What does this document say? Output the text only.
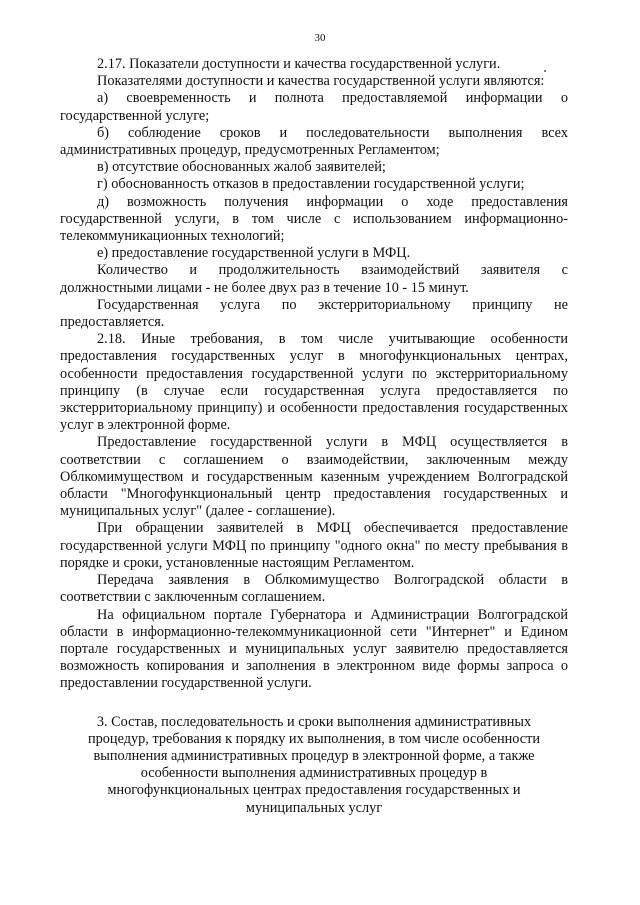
30

2.17. Показатели доступности и качества государственной услуги.

Показателями доступности и качества государственной услуги являются:

а) своевременность и полнота предоставляемой информации о государственной услуге;

б) соблюдение сроков и последовательности выполнения всех административных процедур, предусмотренных Регламентом;

в) отсутствие обоснованных жалоб заявителей;

г) обоснованность отказов в предоставлении государственной услуги;

д) возможность получения информации о ходе предоставления государственной услуги, в том числе с использованием информационно-телекоммуникационных технологий;

е) предоставление государственной услуги в МФЦ.

Количество и продолжительность взаимодействий заявителя с должностными лицами - не более двух раз в течение 10 - 15 минут.

Государственная услуга по экстерриториальному принципу не предоставляется.

2.18. Иные требования, в том числе учитывающие особенности предоставления государственных услуг в многофункциональных центрах, особенности предоставления государственной услуги по экстерриториальному принципу (в случае если государственная услуга предоставляется по экстерриториальному принципу) и особенности предоставления государственных услуг в электронной форме.

Предоставление государственной услуги в МФЦ осуществляется в соответствии с соглашением о взаимодействии, заключенным между Облкомимуществом и государственным казенным учреждением Волгоградской области "Многофункциональный центр предоставления государственных и муниципальных услуг" (далее - соглашение).

При обращении заявителей в МФЦ обеспечивается предоставление государственной услуги МФЦ по принципу "одного окна" по месту пребывания в порядке и сроки, установленные настоящим Регламентом.

Передача заявления в Облкомимущество Волгоградской области в соответствии с заключенным соглашением.

На официальном портале Губернатора и Администрации Волгоградской области в информационно-телекоммуникационной сети "Интернет" и Едином портале государственных и муниципальных услуг заявителю предоставляется возможность копирования и заполнения в электронном виде формы запроса о предоставлении государственной услуги.

3. Состав, последовательность и сроки выполнения административных
процедур, требования к порядку их выполнения, в том числе особенности
выполнения административных процедур в электронной форме, а также
особенности выполнения административных процедур в
многофункциональных центрах предоставления государственных и
муниципальных услуг
